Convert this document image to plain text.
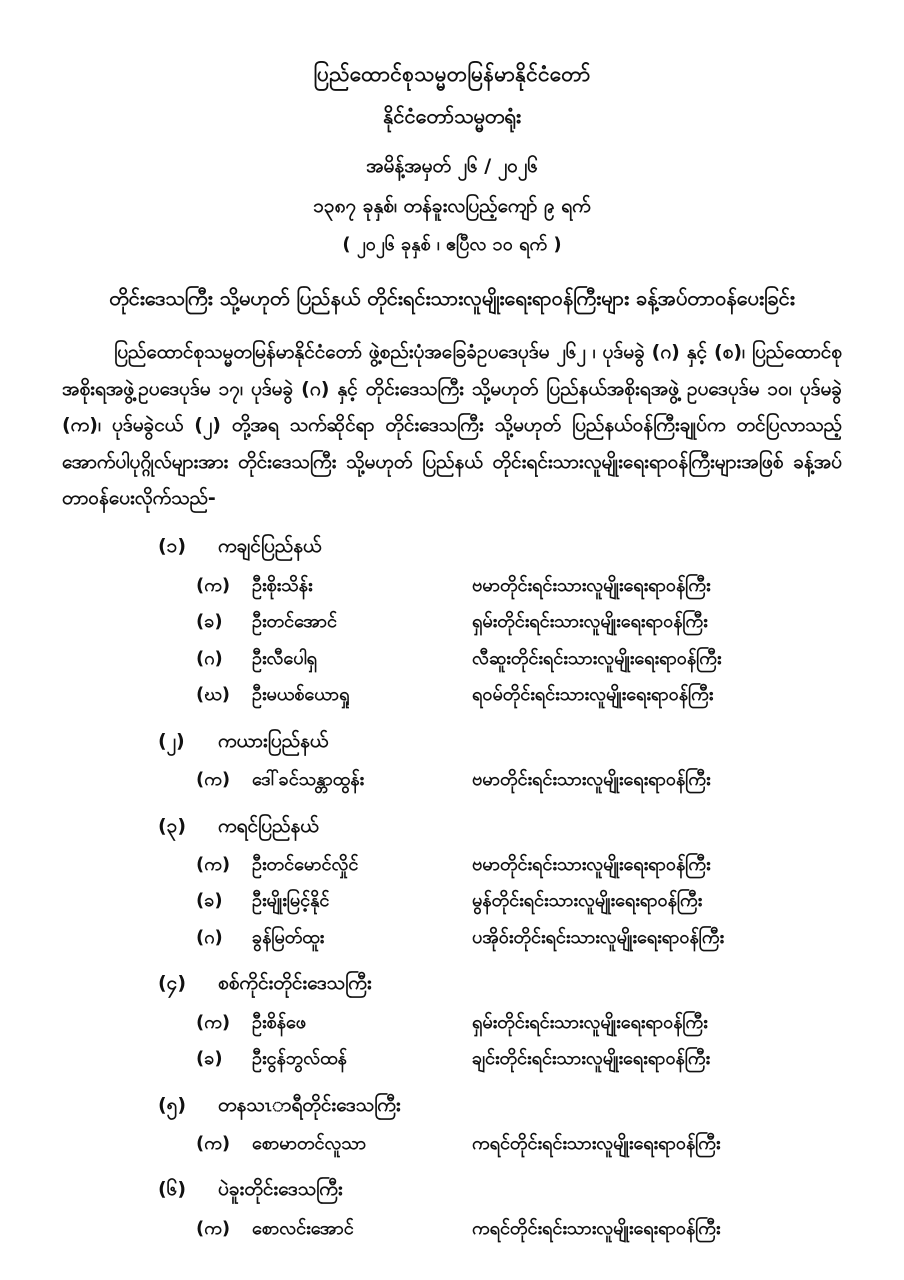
ပြည်ထောင်စုသမ္မတမြန်မာနိုင်ငံတော်
နိုင်ငံတော်သမ္မတရုံး
အမိန့်အမှတ် ၂၆ / ၂၀၂၆
၁၃၈၇ ခုနှစ်၊ တန်ခူးလပြည့်ကျော် ၉ ရက်
( ၂၀၂၆ ခုနှစ် ၊ ဧပြီလ ၁၀ ရက် )
တိုင်းဒေသကြီး သို့မဟုတ် ပြည်နယ် တိုင်းရင်းသားလူမျိုးရေးရာဝန်ကြီးများ ခန့်အပ်တာဝန်ပေးခြင်း
ပြည်ထောင်စုသမ္မတမြန်မာနိုင်ငံတော် ဖွဲ့စည်းပုံအခြေခံဥပဒေပုဒ်မ ၂၆၂ ၊ ပုဒ်မခွဲ (ဂ) နှင့် (စ)၊ ပြည်ထောင်စုအစိုးရအဖွဲ့ဥပဒေပုဒ်မ ၁၇၊ ပုဒ်မခွဲ (ဂ) နှင့် တိုင်းဒေသကြီး သို့မဟုတ် ပြည်နယ်အစိုးရအဖွဲ့ ဥပဒေပုဒ်မ ၁၀၊ ပုဒ်မခွဲ (က)၊ ပုဒ်မခွဲငယ် (၂) တို့အရ သက်ဆိုင်ရာ တိုင်းဒေသကြီး သို့မဟုတ် ပြည်နယ်ဝန်ကြီးချုပ်က တင်ပြလာသည့် အောက်ပါပုဂ္ဂိုလ်များအား တိုင်းဒေသကြီး သို့မဟုတ် ပြည်နယ် တိုင်းရင်းသားလူမျိုးရေးရာဝန်ကြီးများအဖြစ် ခန့်အပ်တာဝန်ပေးလိုက်သည်-
(၁)	ကချင်ပြည်နယ်
(က)	ဦးစိုးသိန်း	ဗမာတိုင်းရင်းသားလူမျိုးရေးရာဝန်ကြီး
(ခ)	ဦးတင်အောင်	ရှမ်းတိုင်းရင်းသားလူမျိုးရေးရာဝန်ကြီး
(ဂ)	ဦးလီပေါရှ	လီဆူးတိုင်းရင်းသားလူမျိုးရေးရာဝန်ကြီး
(ဃ)	ဦးမယစ်ယောရှု	ရဝမ်တိုင်းရင်းသားလူမျိုးရေးရာဝန်ကြီး
(၂)	ကယားပြည်နယ်
(က)	ဒေါ်ခင်သန္တာထွန်း	ဗမာတိုင်းရင်းသားလူမျိုးရေးရာဝန်ကြီး
(၃)	ကရင်ပြည်နယ်
(က)	ဦးတင်မောင်လှိုင်	ဗမာတိုင်းရင်းသားလူမျိုးရေးရာဝန်ကြီး
(ခ)	ဦးမျိုးမြင့်နိုင်	မွန်တိုင်းရင်းသားလူမျိုးရေးရာဝန်ကြီး
(ဂ)	ခွန်မြတ်ထူး	ပအိုဝ်းတိုင်းရင်းသားလူမျိုးရေးရာဝန်ကြီး
(၄)	စစ်ကိုင်းတိုင်းဒေသကြီး
(က)	ဦးစိန်ဖေ	ရှမ်းတိုင်းရင်းသားလူမျိုးရေးရာဝန်ကြီး
(ခ)	ဦးငွန်ဘွလ်ထန်	ချင်းတိုင်းရင်းသားလူမျိုးရေးရာဝန်ကြီး
(၅)	တနသၤာရီတိုင်းဒေသကြီး
(က)	စောမာတင်လူသာ	ကရင်တိုင်းရင်းသားလူမျိုးရေးရာဝန်ကြီး
(၆)	ပဲခူးတိုင်းဒေသကြီး
(က)	စောလင်းအောင်	ကရင်တိုင်းရင်းသားလူမျိုးရေးရာဝန်ကြီး
